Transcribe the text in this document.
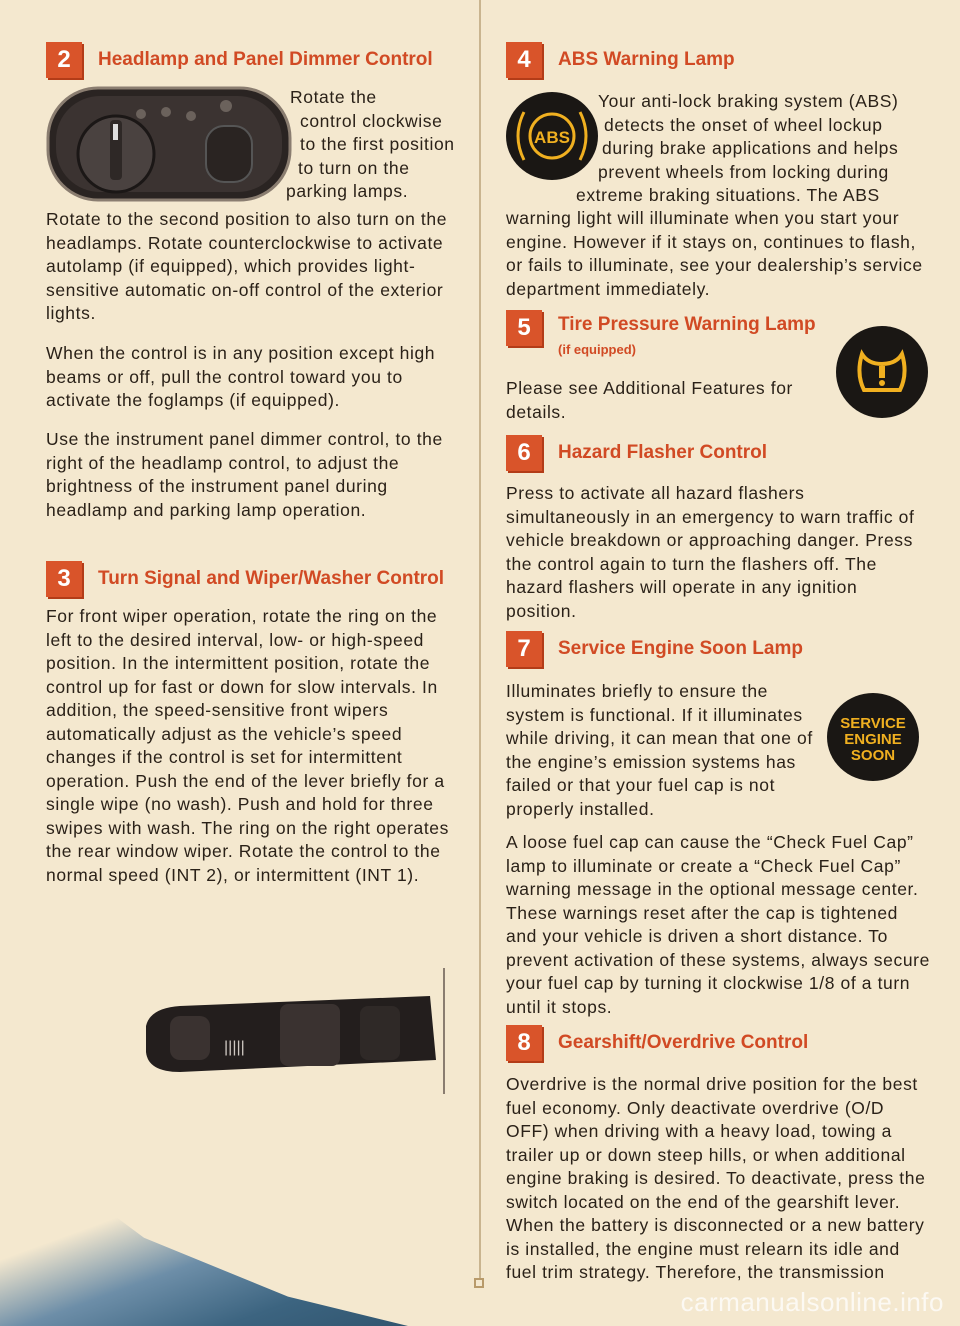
2	Headlamp and Panel Dimmer Control
Rotate the
control clockwise
to the first position
to turn on the
parking lamps.

Rotate to the second position to also turn on the headlamps. Rotate counterclockwise to activate autolamp (if equipped), which provides light-sensitive automatic on-off control of the exterior lights.

When the control is in any position except high beams or off, pull the control toward you to activate the foglamps (if equipped).

Use the instrument panel dimmer control, to the right of the headlamp control, to adjust the brightness of the instrument panel during headlamp and parking lamp operation.

3	Turn Signal and Wiper/Washer Control

For front wiper operation, rotate the ring on the left to the desired interval, low- or high-speed position. In the intermittent position, rotate the control up for fast or down for slow intervals. In addition, the speed-sensitive front wipers automatically adjust as the vehicle’s speed changes if the control is set for intermittent operation. Push the end of the lever briefly for a single wipe (no wash). Push and hold for three swipes with wash. The ring on the right operates the rear window wiper. Rotate the control to the normal speed (INT 2), or intermittent (INT 1).

|||||
4	ABS Warning Lamp
ABS
Your anti-lock braking system (ABS)
detects the onset of wheel lockup
during brake applications and helps
prevent wheels from locking during
extreme braking situations. The ABS

warning light will illuminate when you start your engine. However if it stays on, continues to flash, or fails to illuminate, see your dealership’s service department immediately.

5	Tire Pressure Warning Lamp
(if equipped)

Please see Additional Features for details.

6	Hazard Flasher Control

Press to activate all hazard flashers simultaneously in an emergency to warn traffic of vehicle breakdown or approaching danger. Press the control again to turn the flashers off. The hazard flashers will operate in any ignition position.

7	Service Engine Soon Lamp
SERVICE
ENGINE
SOON

Illuminates briefly to ensure the system is functional. If it illuminates while driving, it can mean that one of the engine’s emission systems has failed or that your fuel cap is not properly installed.

A loose fuel cap can cause the “Check Fuel Cap” lamp to illuminate or create a “Check Fuel Cap” warning message in the optional message center. These warnings reset after the cap is tightened and your vehicle is driven a short distance. To prevent activation of these systems, always secure your fuel cap by turning it clockwise 1/8 of a turn until it stops.

8	Gearshift/Overdrive Control

Overdrive is the normal drive position for the best fuel economy. Only deactivate overdrive (O/D OFF) when driving with a heavy load, towing a trailer up or down steep hills, or when additional engine braking is desired. To deactivate, press the switch located on the end of the gearshift lever. When the battery is disconnected or a new battery is installed, the engine must relearn its idle and fuel trim strategy. Therefore, the transmission

carmanualsonline.info
